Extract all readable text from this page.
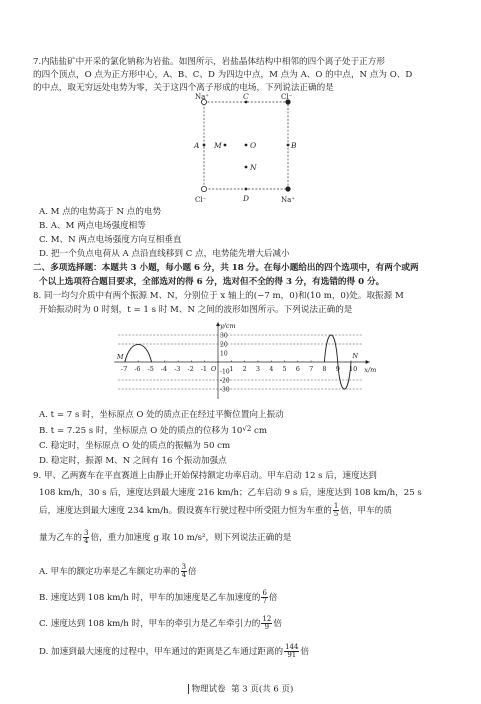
7.内陆盐矿中开采的氯化钠称为岩盐。如图所示，岩盐晶体结构中相邻的四个离子处于正方形
的四个顶点，O 点为正方形中心，A、B、C、D 为四边中点，M 点为 A、O 的中点，N 点为 O、D
的中点，取无穷远处电势为零，关于这四个离子形成的电场，下列说法正确的是
Na⁺	Cl⁻
Cl⁻	Na⁺
C
A	B
D
M	O
N
A. M 点的电势高于 N 点的电势
B. A、M 两点电场强度相等
C. M、N 两点电场强度方向互相垂直
D. 把一个负点电荷从 A 点沿直线移到 C 点，电势能先增大后减小
二、多项选择题：本题共 3 小题，每小题 6 分，共 18 分。在每小题给出的四个选项中，有两个或两
个以上选项符合题目要求，全部选对的得 6 分，选对但不全的得 3 分，有选错的得 0 分。
8. 同一均匀介质中有两个振源 M、N，分别位于 x 轴上的(−7 m，0)和(10 m，0)处。取振源 M
开始振动时为 0 时刻，t = 1 s 时 M、N 之间的波形如图所示。下列说法正确的是
y/cm
x/m
30
20
10
-10
-20
-30
-7 -6 -5 -4 -3 -2 -1	1 2 3 4 5 6 7 8 9 10
O
M	N
A. t = 7 s 时，坐标原点 O 处的质点正在经过平衡位置向上振动
B. t = 7.25 s 时，坐标原点 O 处的质点的位移为 $10^{√2}$ cm
C. 稳定时，坐标原点 O 处的质点的振幅为 50 cm
D. 稳定时，振源 M、N 之间有 16 个振动加强点
9. 甲、乙两赛车在平直赛道上由静止开始保持额定功率启动。甲车启动 12 s 后，速度达到
108 km/h，30 s 后，速度达到最大速度 216 km/h；乙车启动 9 s 后，速度达到 108 km/h，25 s
后，速度达到最大速度 234 km/h。假设赛车行驶过程中所受阻力恒为车重的 $\frac{1}{5}$ 倍，甲车的质
量为乙车的 $\frac{3}{4}$ 倍，重力加速度 g 取 10 m/s²，则下列说法正确的是
A. 甲车的额定功率是乙车额定功率的 $\frac{3}{4}$ 倍
B. 速度达到 108 km/h 时，甲车的加速度是乙车加速度的 $\frac{6}{7}$ 倍
C. 速度达到 108 km/h 时，甲车的牵引力是乙车牵引力的 $\frac{12}{9}$ 倍
D. 加速到最大速度的过程中，甲车通过的距离是乙车通过距离的 $\frac{144}{91}$ 倍
物理试卷 第 3 页(共 6 页)
